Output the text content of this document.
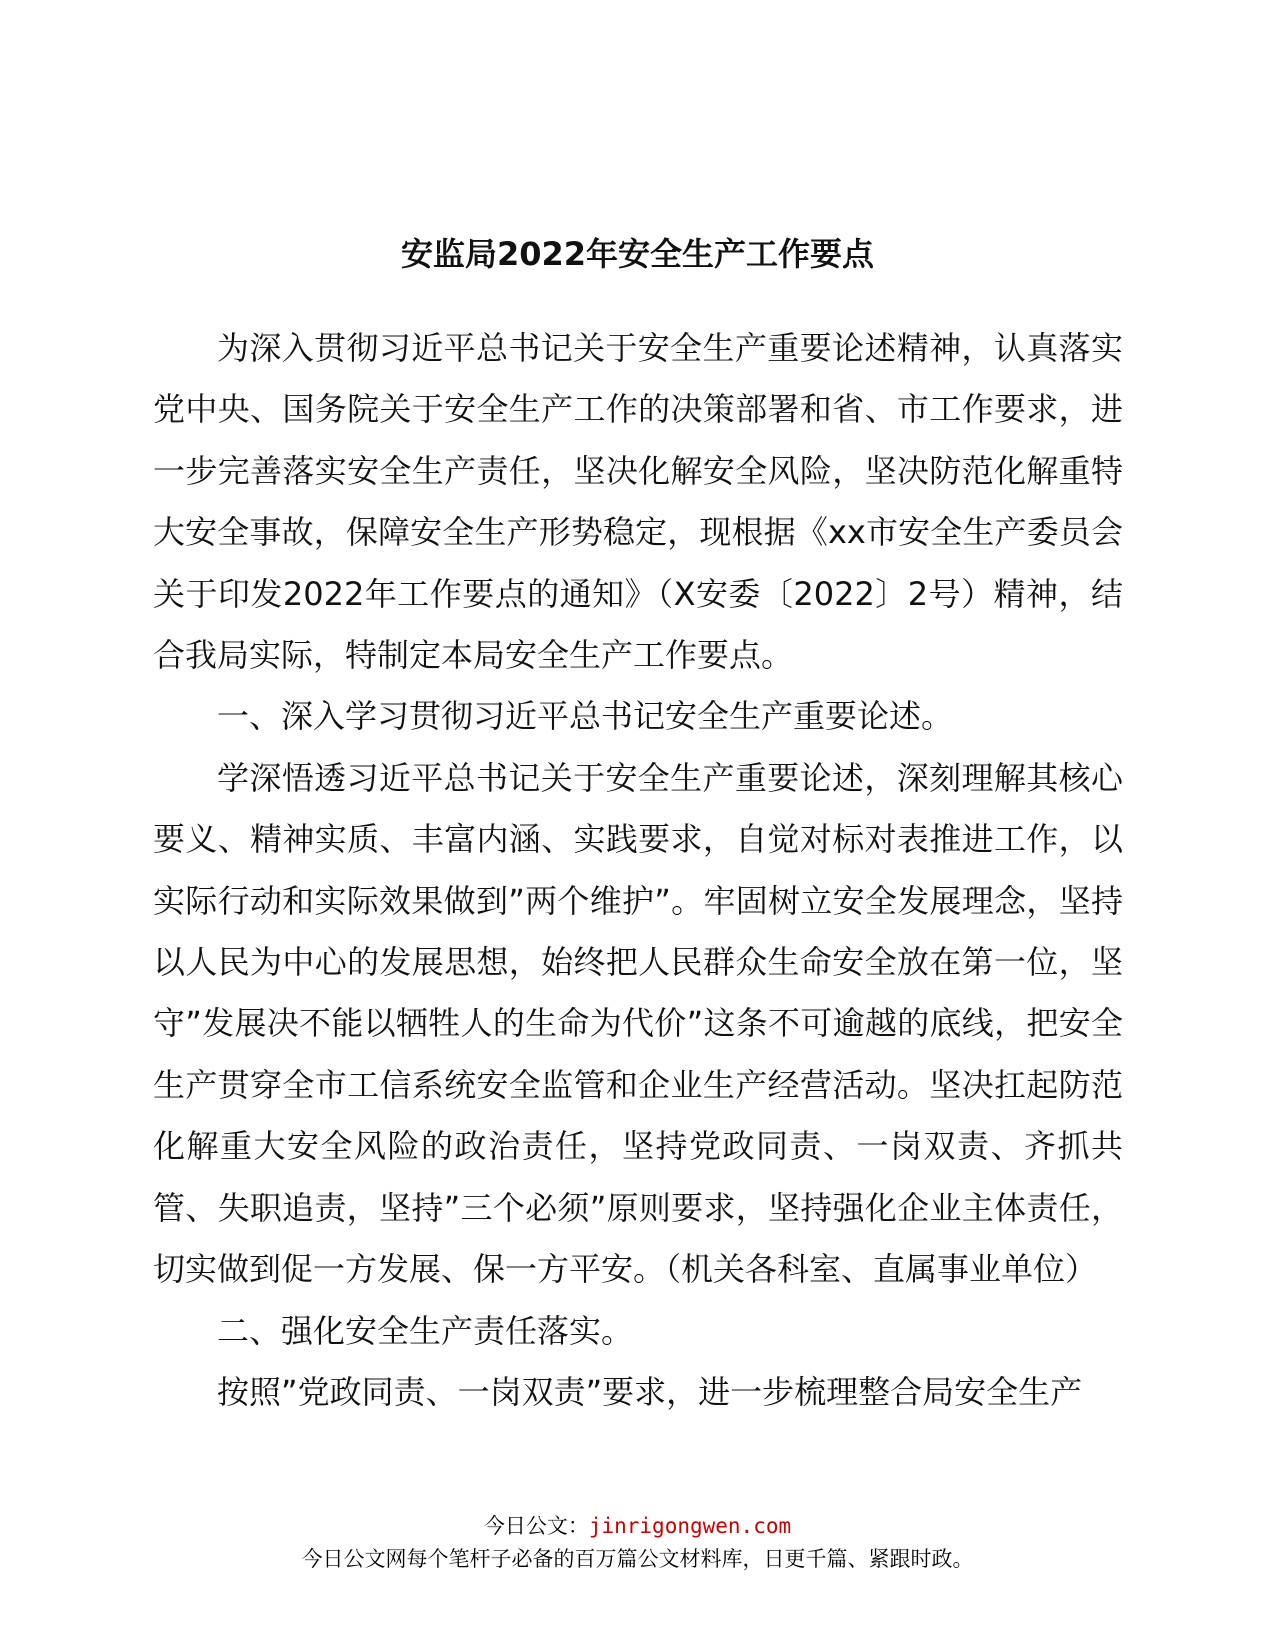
安监局2022年安全生产工作要点

为深入贯彻习近平总书记关于安全生产重要论述精神，认真落实党中央、国务院关于安全生产工作的决策部署和省、市工作要求，进一步完善落实安全生产责任，坚决化解安全风险，坚决防范化解重特大安全事故，保障安全生产形势稳定，现根据《xx市安全生产委员会关于印发2022年工作要点的通知》（X安委〔2022〕2号）精神，结合我局实际，特制定本局安全生产工作要点。

一、深入学习贯彻习近平总书记安全生产重要论述。

学深悟透习近平总书记关于安全生产重要论述，深刻理解其核心要义、精神实质、丰富内涵、实践要求，自觉对标对表推进工作，以实际行动和实际效果做到”两个维护”。牢固树立安全发展理念，坚持以人民为中心的发展思想，始终把人民群众生命安全放在第一位，坚守”发展决不能以牺牲人的生命为代价”这条不可逾越的底线，把安全生产贯穿全市工信系统安全监管和企业生产经营活动。坚决扛起防范化解重大安全风险的政治责任，坚持党政同责、一岗双责、齐抓共管、失职追责，坚持”三个必须”原则要求，坚持强化企业主体责任，切实做到促一方发展、保一方平安。（机关各科室、直属事业单位）

二、强化安全生产责任落实。

按照”党政同责、一岗双责”要求，进一步梳理整合局安全生产

今日公文：jinrigongwen.com
今日公文网每个笔杆子必备的百万篇公文材料库，日更千篇、紧跟时政。
